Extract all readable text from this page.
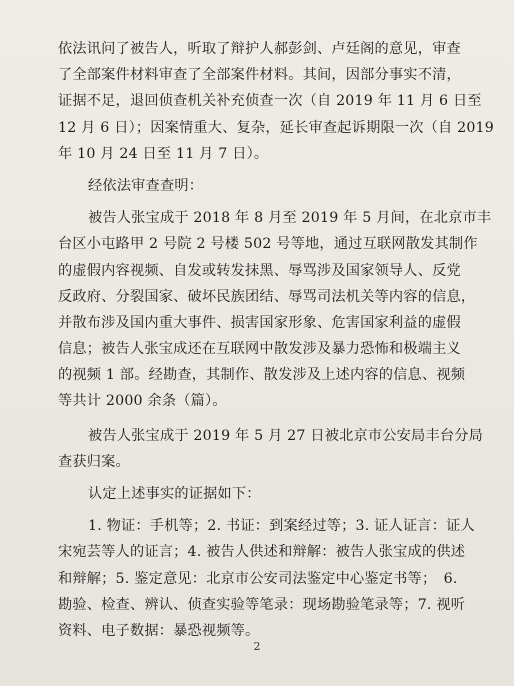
依法讯问了被告人，听取了辩护人郝彭剑、卢廷阁的意见，审查
了全部案件材料审查了全部案件材料。其间，因部分事实不清，
证据不足，退回侦查机关补充侦查一次（自 2019 年 11 月 6 日至
12 月 6 日）；因案情重大、复杂，延长审查起诉期限一次（自 2019
年 10 月 24 日至 11 月 7 日）。
经依法审查查明：
被告人张宝成于 2018 年 8 月至 2019 年 5 月间，在北京市丰
台区小屯路甲 2 号院 2 号楼 502 号等地，通过互联网散发其制作
的虚假内容视频、自发或转发抹黑、辱骂涉及国家领导人、反党
反政府、分裂国家、破坏民族团结、辱骂司法机关等内容的信息，
并散布涉及国内重大事件、损害国家形象、危害国家利益的虚假
信息；被告人张宝成还在互联网中散发涉及暴力恐怖和极端主义
的视频 1 部。经勘查，其制作、散发涉及上述内容的信息、视频
等共计 2000 余条（篇）。
被告人张宝成于 2019 年 5 月 27 日被北京市公安局丰台分局
查获归案。
认定上述事实的证据如下：
1. 物证：手机等；2. 书证：到案经过等；3. 证人证言：证人
宋宛芸等人的证言；4. 被告人供述和辩解：被告人张宝成的供述
和辩解；5. 鉴定意见：北京市公安司法鉴定中心鉴定书等；　6.
勘验、检查、辨认、侦查实验等笔录：现场勘验笔录等；7. 视听
资料、电子数据：暴恐视频等。
2
